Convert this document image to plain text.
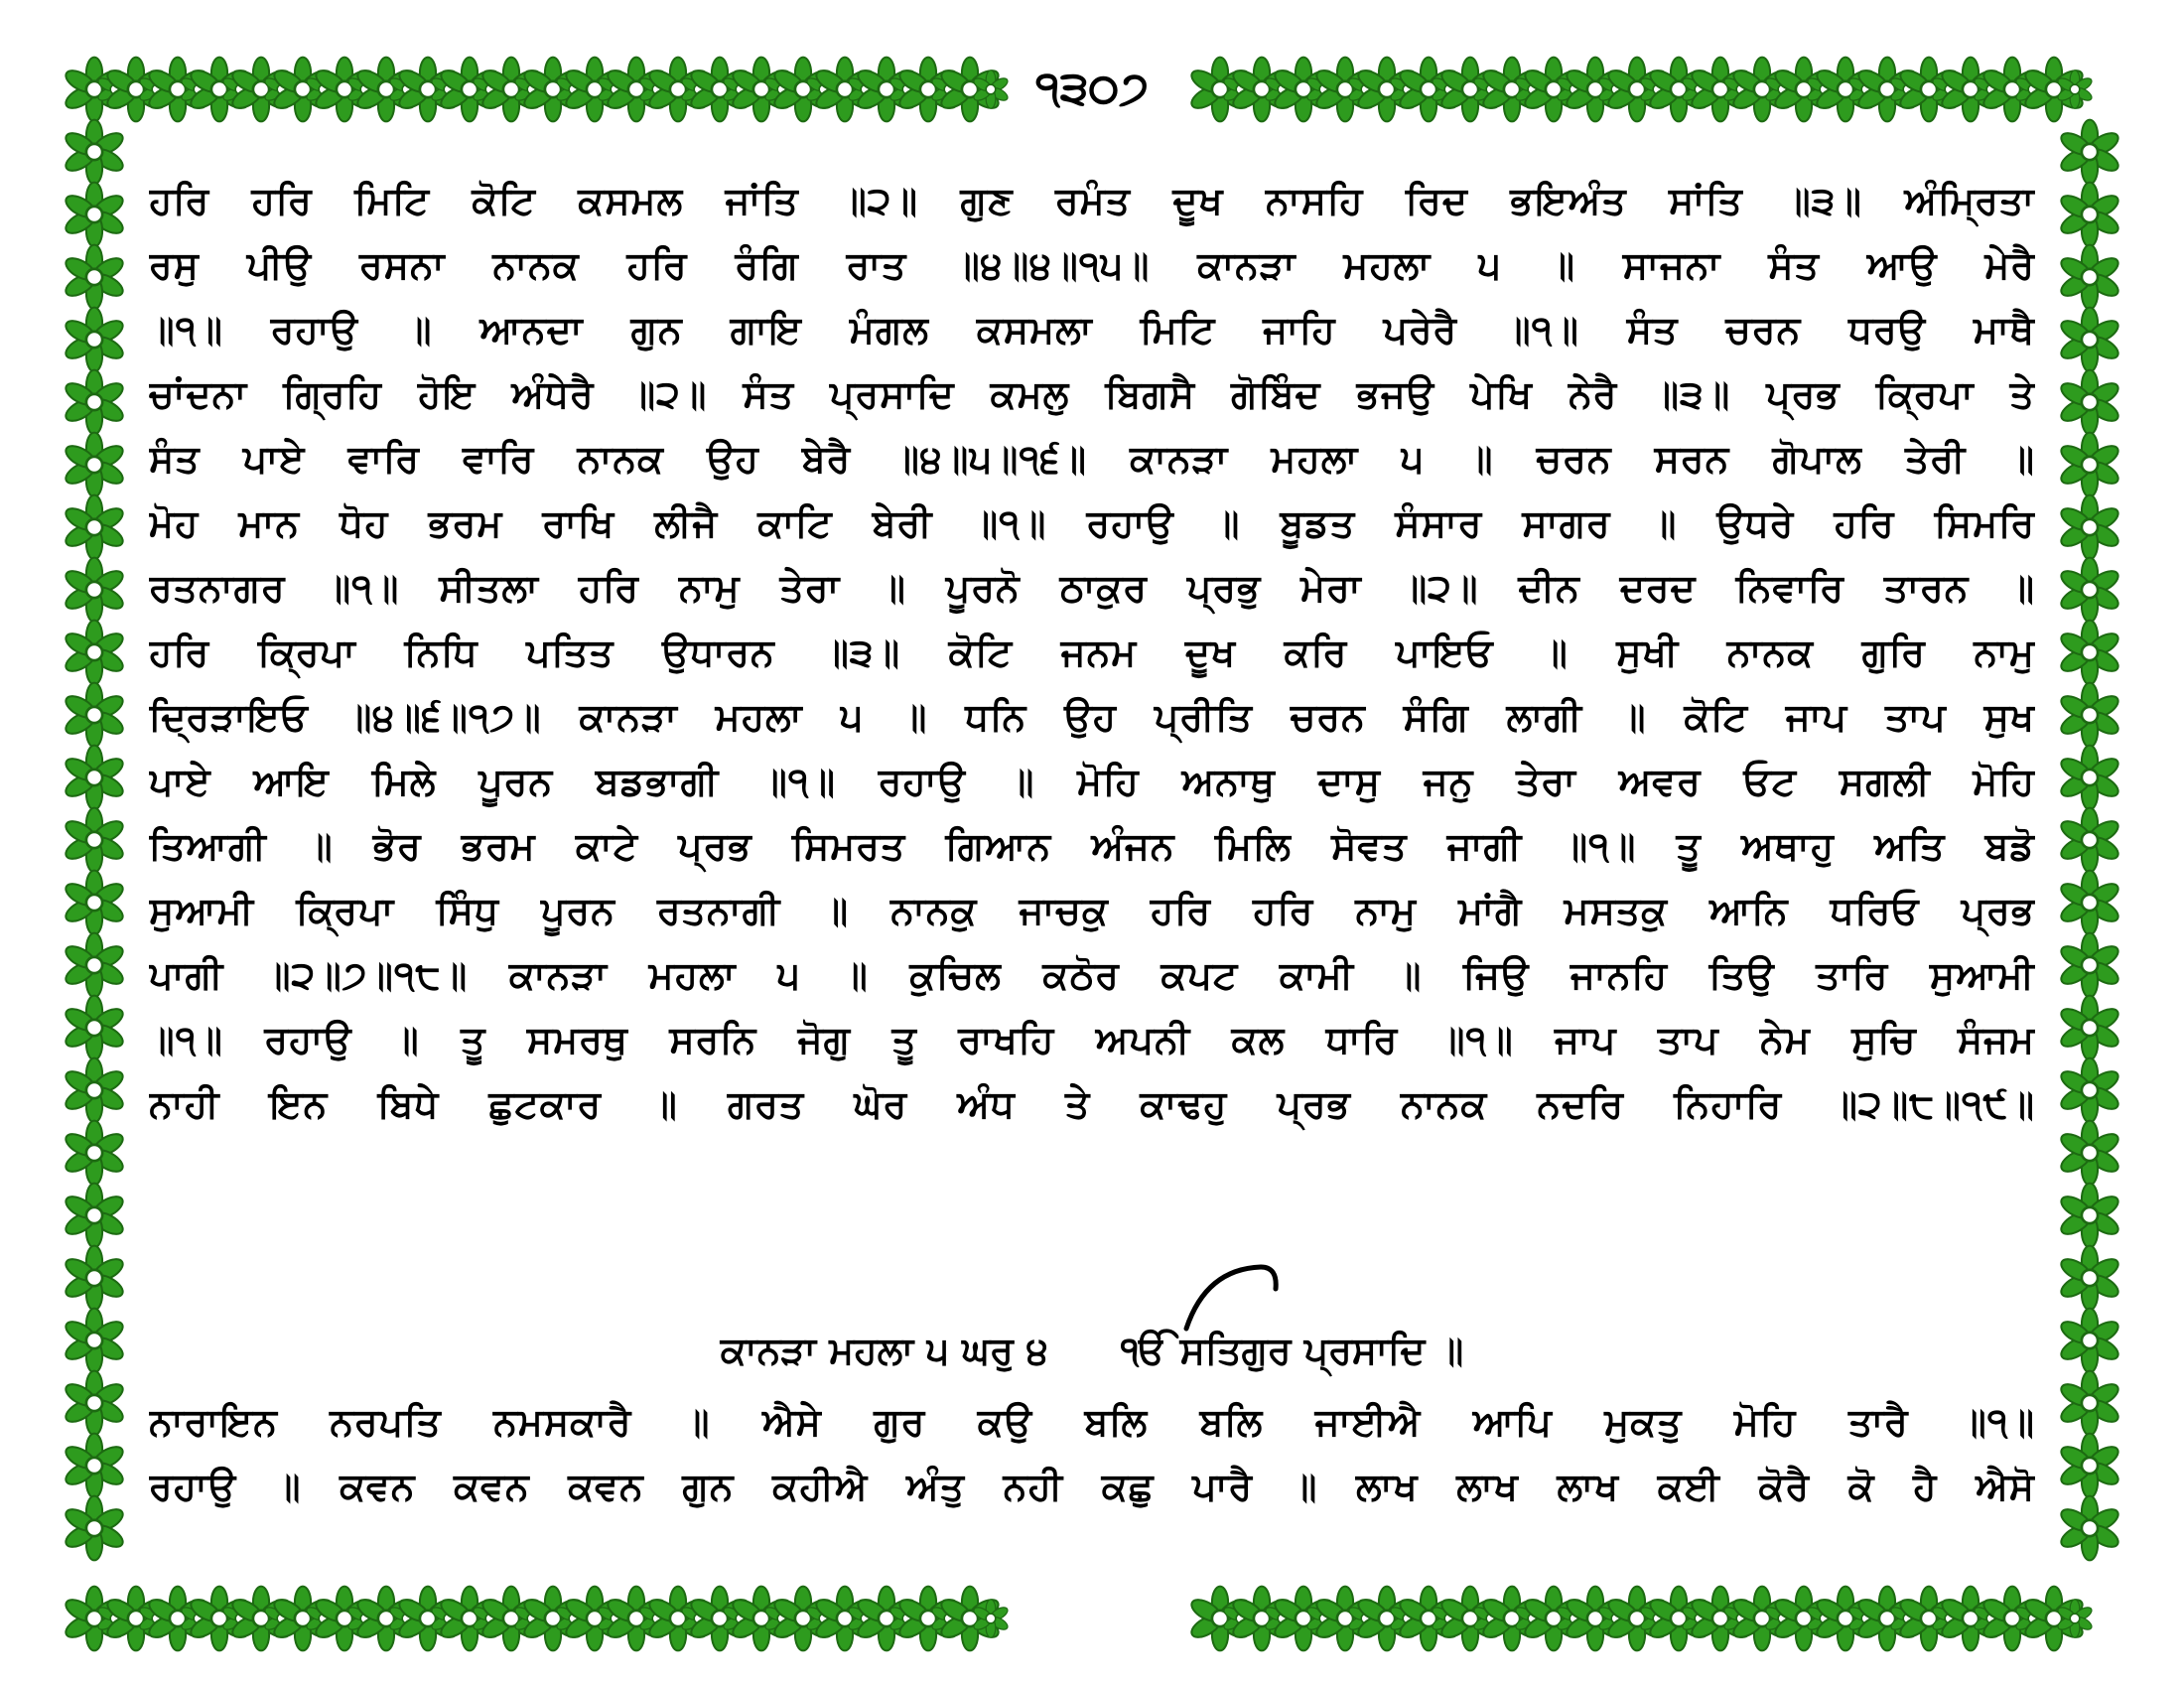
੧੩੦੭
ਹਰਿ ਹਰਿ ਮਿਟਿ ਕੋਟਿ ਕਸਮਲ ਜਾਂਤਿ ॥੨॥ ਗੁਣ ਰਮੰਤ ਦੂਖ ਨਾਸਹਿ ਰਿਦ ਭਇਅੰਤ ਸਾਂਤਿ ॥੩॥ ਅੰਮ੍ਰਿਤਾ
ਰਸੁ ਪੀਉ ਰਸਨਾ ਨਾਨਕ ਹਰਿ ਰੰਗਿ ਰਾਤ ॥੪॥੪॥੧੫॥ ਕਾਨੜਾ ਮਹਲਾ ੫ ॥ ਸਾਜਨਾ ਸੰਤ ਆਉ ਮੇਰੈ
॥੧॥ ਰਹਾਉ ॥ ਆਨਦਾ ਗੁਨ ਗਾਇ ਮੰਗਲ ਕਸਮਲਾ ਮਿਟਿ ਜਾਹਿ ਪਰੇਰੈ ॥੧॥ ਸੰਤ ਚਰਨ ਧਰਉ ਮਾਥੈ
ਚਾਂਦਨਾ ਗ੍ਰਿਹਿ ਹੋਇ ਅੰਧੇਰੈ ॥੨॥ ਸੰਤ ਪ੍ਰਸਾਦਿ ਕਮਲੁ ਬਿਗਸੈ ਗੋਬਿੰਦ ਭਜਉ ਪੇਖਿ ਨੇਰੈ ॥੩॥ ਪ੍ਰਭ ਕ੍ਰਿਪਾ ਤੇ
ਸੰਤ ਪਾਏ ਵਾਰਿ ਵਾਰਿ ਨਾਨਕ ਉਹ ਬੇਰੈ ॥੪॥੫॥੧੬॥ ਕਾਨੜਾ ਮਹਲਾ ੫ ॥ ਚਰਨ ਸਰਨ ਗੋਪਾਲ ਤੇਰੀ ॥
ਮੋਹ ਮਾਨ ਧੋਹ ਭਰਮ ਰਾਖਿ ਲੀਜੈ ਕਾਟਿ ਬੇਰੀ ॥੧॥ ਰਹਾਉ ॥ ਬੂਡਤ ਸੰਸਾਰ ਸਾਗਰ ॥ ਉਧਰੇ ਹਰਿ ਸਿਮਰਿ
ਰਤਨਾਗਰ ॥੧॥ ਸੀਤਲਾ ਹਰਿ ਨਾਮੁ ਤੇਰਾ ॥ ਪੂਰਨੋ ਠਾਕੁਰ ਪ੍ਰਭੁ ਮੇਰਾ ॥੨॥ ਦੀਨ ਦਰਦ ਨਿਵਾਰਿ ਤਾਰਨ ॥
ਹਰਿ ਕ੍ਰਿਪਾ ਨਿਧਿ ਪਤਿਤ ਉਧਾਰਨ ॥੩॥ ਕੋਟਿ ਜਨਮ ਦੂਖ ਕਰਿ ਪਾਇਓ ॥ ਸੁਖੀ ਨਾਨਕ ਗੁਰਿ ਨਾਮੁ
ਦ੍ਰਿੜਾਇਓ ॥੪॥੬॥੧੭॥ ਕਾਨੜਾ ਮਹਲਾ ੫ ॥ ਧਨਿ ਉਹ ਪ੍ਰੀਤਿ ਚਰਨ ਸੰਗਿ ਲਾਗੀ ॥ ਕੋਟਿ ਜਾਪ ਤਾਪ ਸੁਖ
ਪਾਏ ਆਇ ਮਿਲੇ ਪੂਰਨ ਬਡਭਾਗੀ ॥੧॥ ਰਹਾਉ ॥ ਮੋਹਿ ਅਨਾਥੁ ਦਾਸੁ ਜਨੁ ਤੇਰਾ ਅਵਰ ਓਟ ਸਗਲੀ ਮੋਹਿ
ਤਿਆਗੀ ॥ ਭੋਰ ਭਰਮ ਕਾਟੇ ਪ੍ਰਭ ਸਿਮਰਤ ਗਿਆਨ ਅੰਜਨ ਮਿਲਿ ਸੋਵਤ ਜਾਗੀ ॥੧॥ ਤੂ ਅਥਾਹੁ ਅਤਿ ਬਡੋ
ਸੁਆਮੀ ਕ੍ਰਿਪਾ ਸਿੰਧੁ ਪੂਰਨ ਰਤਨਾਗੀ ॥ ਨਾਨਕੁ ਜਾਚਕੁ ਹਰਿ ਹਰਿ ਨਾਮੁ ਮਾਂਗੈ ਮਸਤਕੁ ਆਨਿ ਧਰਿਓ ਪ੍ਰਭ
ਪਾਗੀ ॥੨॥੭॥੧੮॥ ਕਾਨੜਾ ਮਹਲਾ ੫ ॥ ਕੁਚਿਲ ਕਠੋਰ ਕਪਟ ਕਾਮੀ ॥ ਜਿਉ ਜਾਨਹਿ ਤਿਉ ਤਾਰਿ ਸੁਆਮੀ
॥੧॥ ਰਹਾਉ ॥ ਤੂ ਸਮਰਥੁ ਸਰਨਿ ਜੋਗੁ ਤੂ ਰਾਖਹਿ ਅਪਨੀ ਕਲ ਧਾਰਿ ॥੧॥ ਜਾਪ ਤਾਪ ਨੇਮ ਸੁਚਿ ਸੰਜਮ
ਨਾਹੀ ਇਨ ਬਿਧੇ ਛੁਟਕਾਰ ॥ ਗਰਤ ਘੋਰ ਅੰਧ ਤੇ ਕਾਢਹੁ ਪ੍ਰਭ ਨਾਨਕ ਨਦਰਿ ਨਿਹਾਰਿ ॥੨॥੮॥੧੯॥
ਕਾਨੜਾ ਮਹਲਾ ੫ ਘਰੁ ੪ ੴ ਸਤਿਗੁਰ ਪ੍ਰਸਾਦਿ ॥
ਨਾਰਾਇਨ ਨਰਪਤਿ ਨਮਸਕਾਰੈ ॥ ਐਸੇ ਗੁਰ ਕਉ ਬਲਿ ਬਲਿ ਜਾਈਐ ਆਪਿ ਮੁਕਤੁ ਮੋਹਿ ਤਾਰੈ ॥੧॥
ਰਹਾਉ ॥ ਕਵਨ ਕਵਨ ਕਵਨ ਗੁਨ ਕਹੀਐ ਅੰਤੁ ਨਹੀ ਕਛੁ ਪਾਰੈ ॥ ਲਾਖ ਲਾਖ ਲਾਖ ਕਈ ਕੋਰੈ ਕੋ ਹੈ ਐਸੋ
